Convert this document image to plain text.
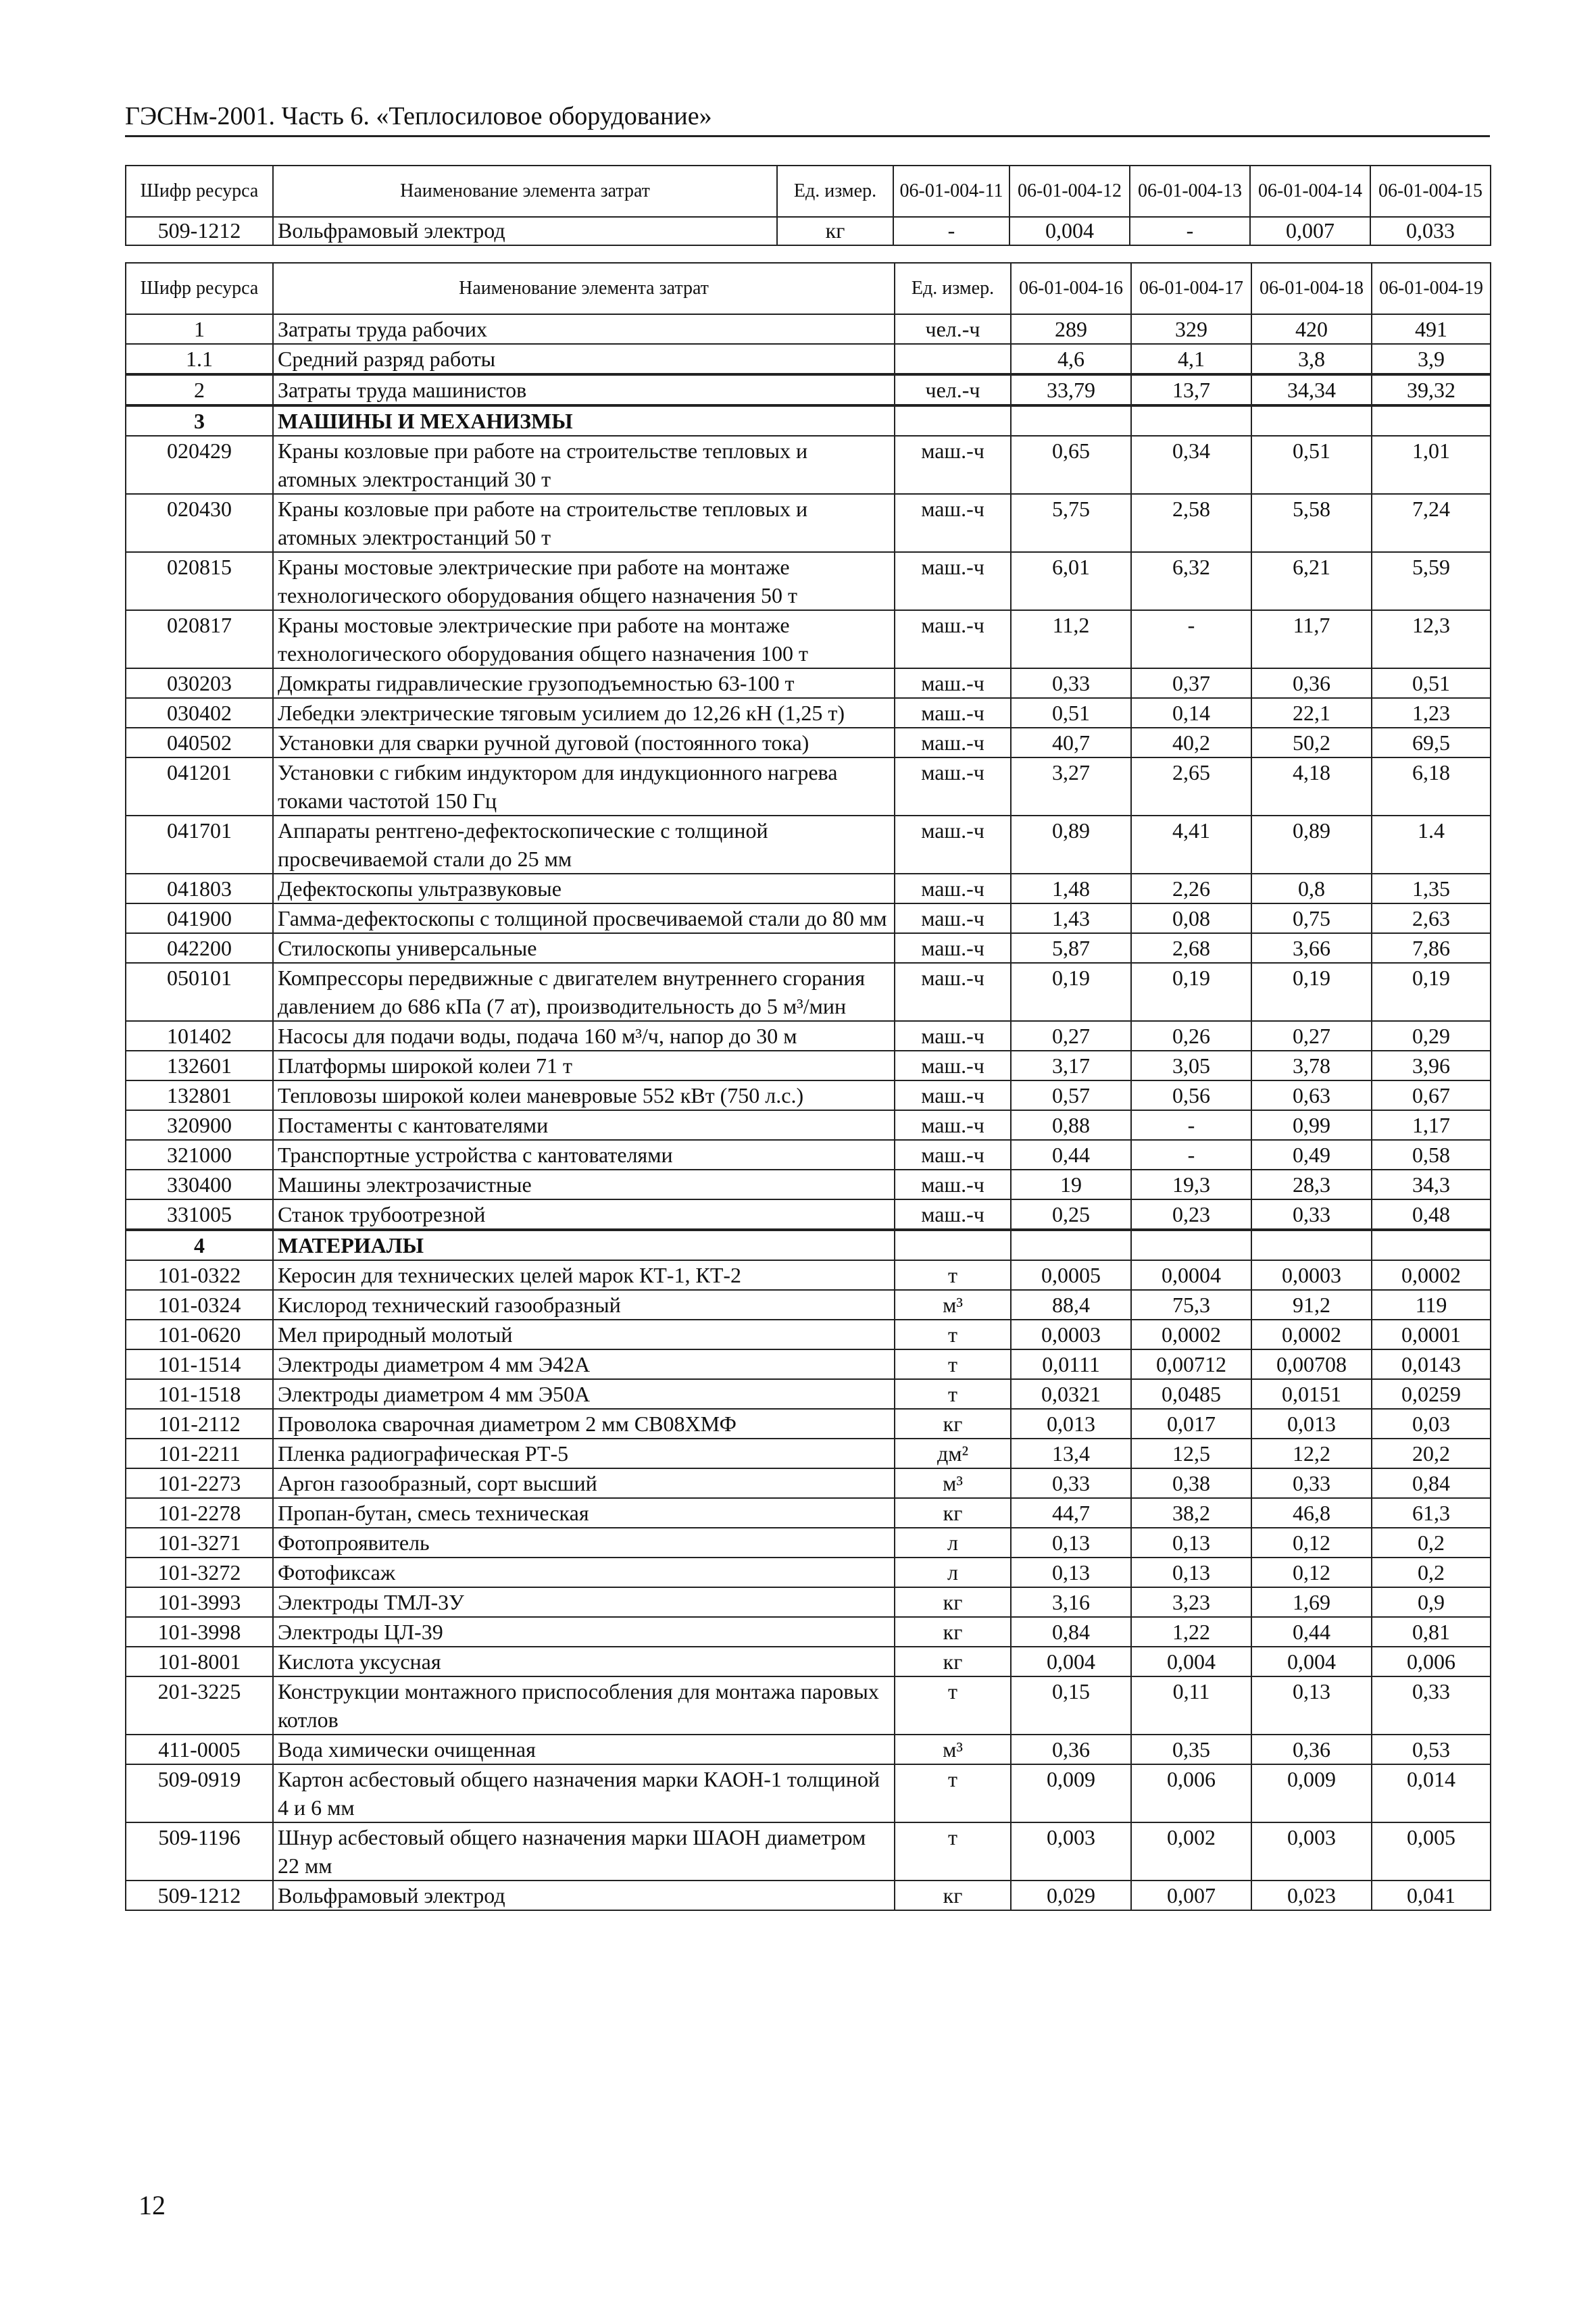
ГЭСНм-2001. Часть 6. «Теплосиловое оборудование»
Шифр ресурса	Наименование элемента затрат	Ед. измер.	06-01-004-11	06-01-004-12	06-01-004-13	06-01-004-14	06-01-004-15
509-1212	Вольфрамовый электрод	кг	-	0,004	-	0,007	0,033
Шифр ресурса	Наименование элемента затрат	Ед. измер.	06-01-004-16	06-01-004-17	06-01-004-18	06-01-004-19
1	Затраты труда рабочих	чел.-ч	289	329	420	491
1.1	Средний разряд работы		4,6	4,1	3,8	3,9
2	Затраты труда машинистов	чел.-ч	33,79	13,7	34,34	39,32
3	МАШИНЫ И МЕХАНИЗМЫ					
020429	Краны козловые при работе на строительстве тепловых и атомных электростанций 30 т	маш.-ч	0,65	0,34	0,51	1,01
020430	Краны козловые при работе на строительстве тепловых и атомных электростанций 50 т	маш.-ч	5,75	2,58	5,58	7,24
020815	Краны мостовые электрические при работе на монтаже технологического оборудования общего назначения 50 т	маш.-ч	6,01	6,32	6,21	5,59
020817	Краны мостовые электрические при работе на монтаже технологического оборудования общего назначения 100 т	маш.-ч	11,2	-	11,7	12,3
030203	Домкраты гидравлические грузоподъемностью 63-100 т	маш.-ч	0,33	0,37	0,36	0,51
030402	Лебедки электрические тяговым усилием до 12,26 кН (1,25 т)	маш.-ч	0,51	0,14	22,1	1,23
040502	Установки для сварки ручной дуговой (постоянного тока)	маш.-ч	40,7	40,2	50,2	69,5
041201	Установки с гибким индуктором для индукционного нагрева токами частотой 150 Гц	маш.-ч	3,27	2,65	4,18	6,18
041701	Аппараты рентгено-дефектоскопические с толщиной просвечиваемой стали до 25 мм	маш.-ч	0,89	4,41	0,89	1.4
041803	Дефектоскопы ультразвуковые	маш.-ч	1,48	2,26	0,8	1,35
041900	Гамма-дефектоскопы с толщиной просвечиваемой стали до 80 мм	маш.-ч	1,43	0,08	0,75	2,63
042200	Стилоскопы универсальные	маш.-ч	5,87	2,68	3,66	7,86
050101	Компрессоры передвижные с двигателем внутреннего сгорания давлением до 686 кПа (7 ат), производительность до 5 м³/мин	маш.-ч	0,19	0,19	0,19	0,19
101402	Насосы для подачи воды, подача 160 м³/ч, напор до 30 м	маш.-ч	0,27	0,26	0,27	0,29
132601	Платформы широкой колеи 71 т	маш.-ч	3,17	3,05	3,78	3,96
132801	Тепловозы широкой колеи маневровые 552 кВт (750 л.с.)	маш.-ч	0,57	0,56	0,63	0,67
320900	Постаменты с кантователями	маш.-ч	0,88	-	0,99	1,17
321000	Транспортные устройства с кантователями	маш.-ч	0,44	-	0,49	0,58
330400	Машины электрозачистные	маш.-ч	19	19,3	28,3	34,3
331005	Станок трубоотрезной	маш.-ч	0,25	0,23	0,33	0,48
4	МАТЕРИАЛЫ					
101-0322	Керосин для технических целей марок КТ-1, КТ-2	т	0,0005	0,0004	0,0003	0,0002
101-0324	Кислород технический газообразный	м³	88,4	75,3	91,2	119
101-0620	Мел природный молотый	т	0,0003	0,0002	0,0002	0,0001
101-1514	Электроды диаметром 4 мм Э42А	т	0,0111	0,00712	0,00708	0,0143
101-1518	Электроды диаметром 4 мм Э50А	т	0,0321	0,0485	0,0151	0,0259
101-2112	Проволока сварочная диаметром 2 мм СВ08ХМФ	кг	0,013	0,017	0,013	0,03
101-2211	Пленка радиографическая РТ-5	дм²	13,4	12,5	12,2	20,2
101-2273	Аргон газообразный, сорт высший	м³	0,33	0,38	0,33	0,84
101-2278	Пропан-бутан, смесь техническая	кг	44,7	38,2	46,8	61,3
101-3271	Фотопроявитель	л	0,13	0,13	0,12	0,2
101-3272	Фотофиксаж	л	0,13	0,13	0,12	0,2
101-3993	Электроды ТМЛ-3У	кг	3,16	3,23	1,69	0,9
101-3998	Электроды ЦЛ-39	кг	0,84	1,22	0,44	0,81
101-8001	Кислота уксусная	кг	0,004	0,004	0,004	0,006
201-3225	Конструкции монтажного приспособления для монтажа паровых котлов	т	0,15	0,11	0,13	0,33
411-0005	Вода химически очищенная	м³	0,36	0,35	0,36	0,53
509-0919	Картон асбестовый общего назначения марки КАОН-1 толщиной 4 и 6 мм	т	0,009	0,006	0,009	0,014
509-1196	Шнур асбестовый общего назначения марки ШАОН диаметром 22 мм	т	0,003	0,002	0,003	0,005
509-1212	Вольфрамовый электрод	кг	0,029	0,007	0,023	0,041
12
